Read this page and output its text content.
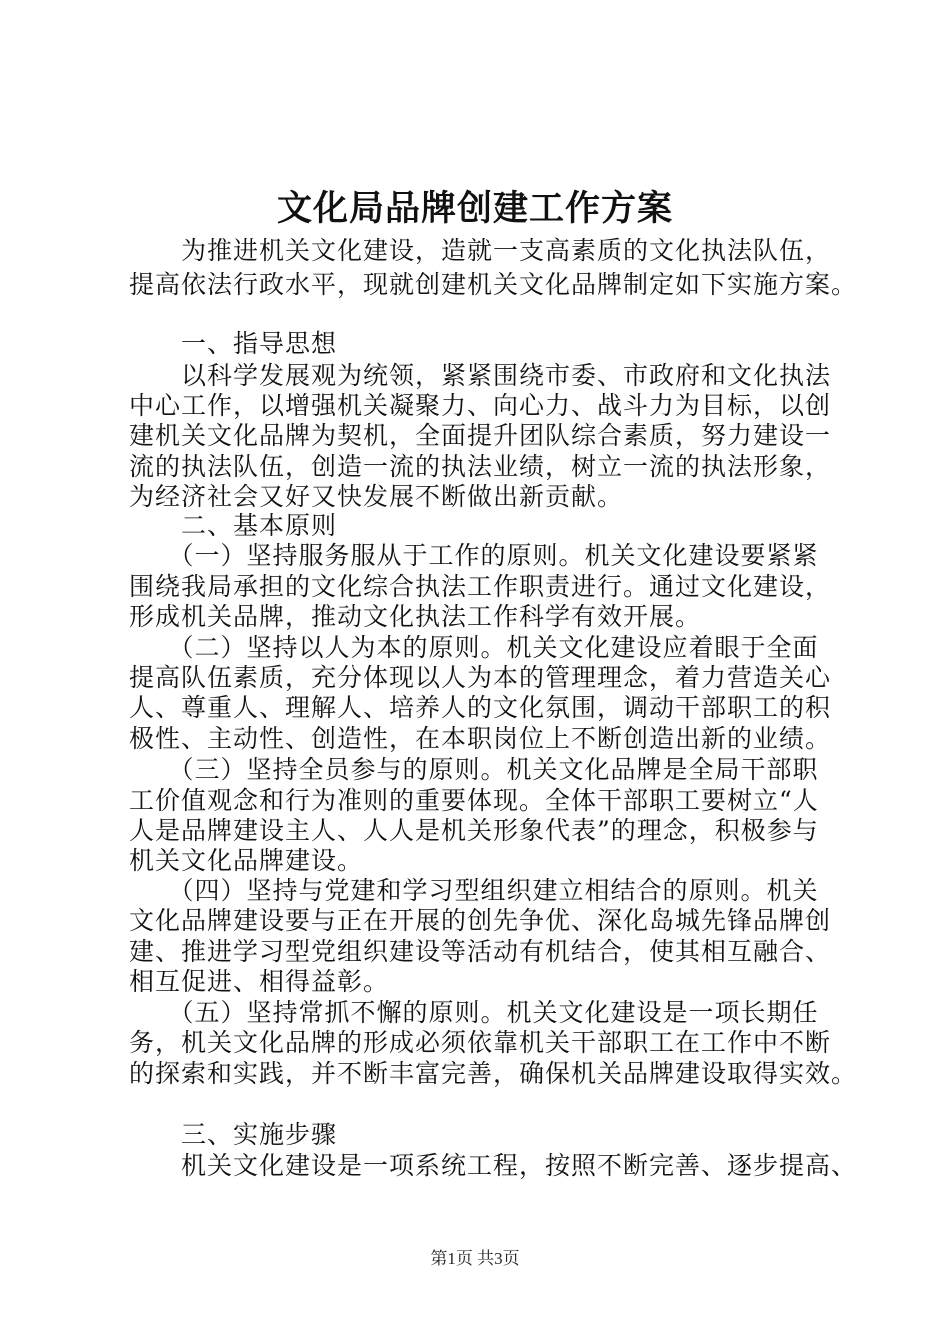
文化局品牌创建工作方案
　　为推进机关文化建设，造就一支高素质的文化执法队伍，
提高依法行政水平，现就创建机关文化品牌制定如下实施方案。
　　一、指导思想
　　以科学发展观为统领，紧紧围绕市委、市政府和文化执法
中心工作，以增强机关凝聚力、向心力、战斗力为目标，以创
建机关文化品牌为契机，全面提升团队综合素质，努力建设一
流的执法队伍，创造一流的执法业绩，树立一流的执法形象，
为经济社会又好又快发展不断做出新贡献。
　　二、基本原则
　　（一）坚持服务服从于工作的原则。机关文化建设要紧紧
围绕我局承担的文化综合执法工作职责进行。通过文化建设，
形成机关品牌，推动文化执法工作科学有效开展。
　　（二）坚持以人为本的原则。机关文化建设应着眼于全面
提高队伍素质，充分体现以人为本的管理理念，着力营造关心
人、尊重人、理解人、培养人的文化氛围，调动干部职工的积
极性、主动性、创造性，在本职岗位上不断创造出新的业绩。
　　（三）坚持全员参与的原则。机关文化品牌是全局干部职
工价值观念和行为准则的重要体现。全体干部职工要树立“人
人是品牌建设主人、人人是机关形象代表”的理念，积极参与
机关文化品牌建设。
　　（四）坚持与党建和学习型组织建立相结合的原则。机关
文化品牌建设要与正在开展的创先争优、深化岛城先锋品牌创
建、推进学习型党组织建设等活动有机结合，使其相互融合、
相互促进、相得益彰。
　　（五）坚持常抓不懈的原则。机关文化建设是一项长期任
务，机关文化品牌的形成必须依靠机关干部职工在工作中不断
的探索和实践，并不断丰富完善，确保机关品牌建设取得实效。
　　三、实施步骤
　　机关文化建设是一项系统工程，按照不断完善、逐步提高、
第1页 共3页
